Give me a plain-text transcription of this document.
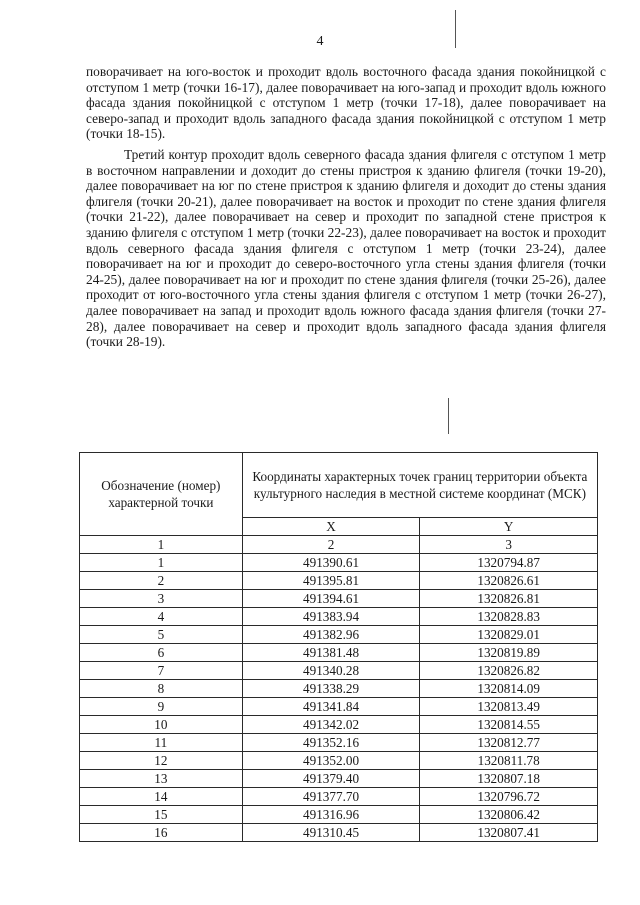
4

поворачивает на юго-восток и проходит вдоль восточного фасада здания покойницкой с отступом 1 метр (точки 16-17), далее поворачивает на юго-запад и проходит вдоль южного фасада здания покойницкой с отступом 1 метр (точки 17-18), далее поворачивает на северо-запад и проходит вдоль западного фасада здания покойницкой с отступом 1 метр (точки 18-15).

Третий контур проходит вдоль северного фасада здания флигеля с отступом 1 метр в восточном направлении и доходит до стены пристроя к зданию флигеля (точки 19-20), далее поворачивает на юг по стене пристроя к зданию флигеля и доходит до стены здания флигеля (точки 20-21), далее поворачивает на восток и проходит по стене здания флигеля (точки 21-22), далее поворачивает на север и проходит по западной стене пристроя к зданию флигеля с отступом 1 метр (точки 22-23), далее поворачивает на восток и проходит вдоль северного фасада здания флигеля с отступом 1 метр (точки 23-24), далее поворачивает на юг и проходит до северо-восточного угла стены здания флигеля (точки 24-25), далее поворачивает на юг и проходит по стене здания флигеля (точки 25-26), далее проходит от юго-восточного угла стены здания флигеля с отступом 1 метр (точки 26-27), далее поворачивает на запад и проходит вдоль южного фасада здания флигеля (точки 27-28), далее поворачивает на север и проходит вдоль западного фасада здания флигеля (точки 28-19).

Обозначение (номер) характерной точки	Координаты характерных точек границ территории объекта культурного наследия в местной системе координат (МСК)	
	X	Y
1	2	3
1	491390.61	1320794.87
2	491395.81	1320826.61
3	491394.61	1320826.81
4	491383.94	1320828.83
5	491382.96	1320829.01
6	491381.48	1320819.89
7	491340.28	1320826.82
8	491338.29	1320814.09
9	491341.84	1320813.49
10	491342.02	1320814.55
11	491352.16	1320812.77
12	491352.00	1320811.78
13	491379.40	1320807.18
14	491377.70	1320796.72
15	491316.96	1320806.42
16	491310.45	1320807.41
